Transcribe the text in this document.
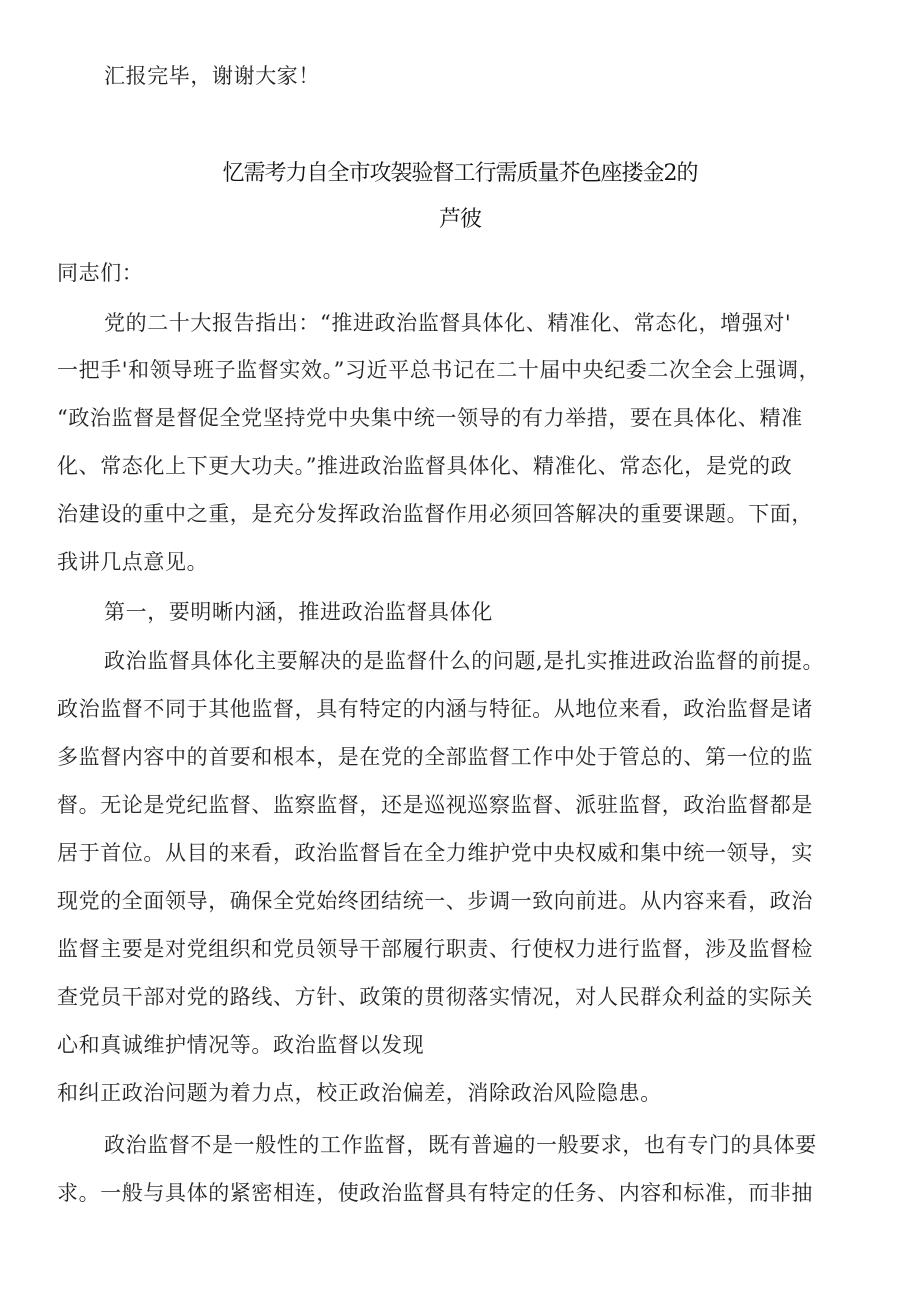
汇报完毕，谢谢大家！
忆需考力自全市攻袈验督工行需质量芥色座搂金2的
芦彼
同志们：
党的二十大报告指出：“推进政治监督具体化、精准化、常态化，增强对'
一把手'和领导班子监督实效。”习近平总书记在二十届中央纪委二次全会上强调，
“政治监督是督促全党坚持党中央集中统一领导的有力举措，要在具体化、精准
化、常态化上下更大功夫。”推进政治监督具体化、精准化、常态化，是党的政
治建设的重中之重，是充分发挥政治监督作用必须回答解决的重要课题。下面，
我讲几点意见。
第一，要明晰内涵，推进政治监督具体化
政治监督具体化主要解决的是监督什么的问题,是扎实推进政治监督的前提。
政治监督不同于其他监督，具有特定的内涵与特征。从地位来看，政治监督是诸
多监督内容中的首要和根本，是在党的全部监督工作中处于管总的、第一位的监
督。无论是党纪监督、监察监督，还是巡视巡察监督、派驻监督，政治监督都是
居于首位。从目的来看，政治监督旨在全力维护党中央权威和集中统一领导，实
现党的全面领导，确保全党始终团结统一、步调一致向前进。从内容来看，政治
监督主要是对党组织和党员领导干部履行职责、行使权力进行监督，涉及监督检
查党员干部对党的路线、方针、政策的贯彻落实情况，对人民群众利益的实际关
心和真诚维护情况等。政治监督以发现
和纠正政治问题为着力点，校正政治偏差，消除政治风险隐患。
政治监督不是一般性的工作监督，既有普遍的一般要求，也有专门的具体要
求。一般与具体的紧密相连，使政治监督具有特定的任务、内容和标准，而非抽
